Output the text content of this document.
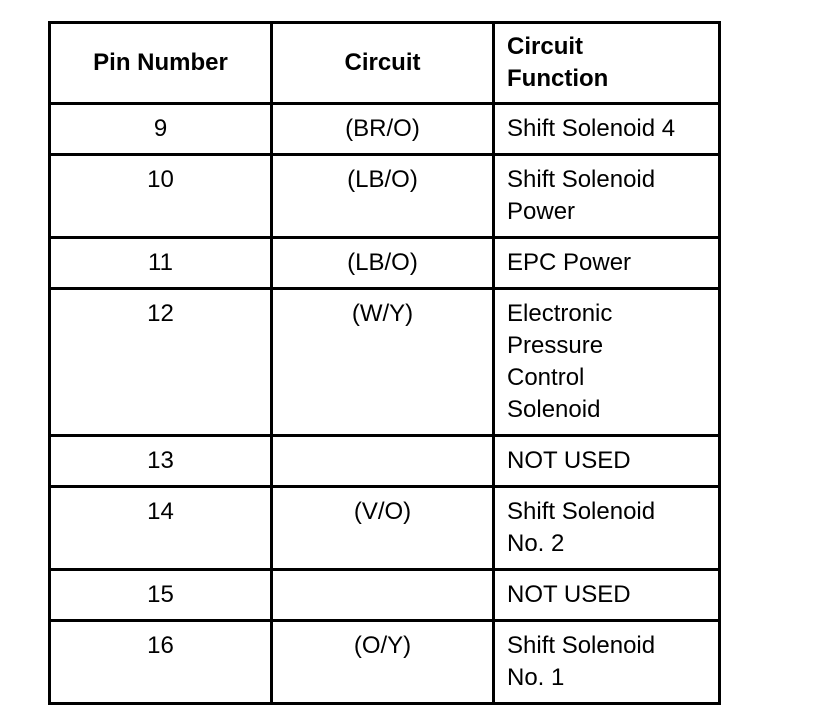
Pin Number	Circuit	Circuit
Function

9	(BR/O)	Shift Solenoid 4

10	(LB/O)	Shift Solenoid
Power

11	(LB/O)	EPC Power

12	(W/Y)	Electronic
Pressure
Control
Solenoid

13		NOT USED

14	(V/O)	Shift Solenoid
No. 2

15		NOT USED

16	(O/Y)	Shift Solenoid
No. 1
